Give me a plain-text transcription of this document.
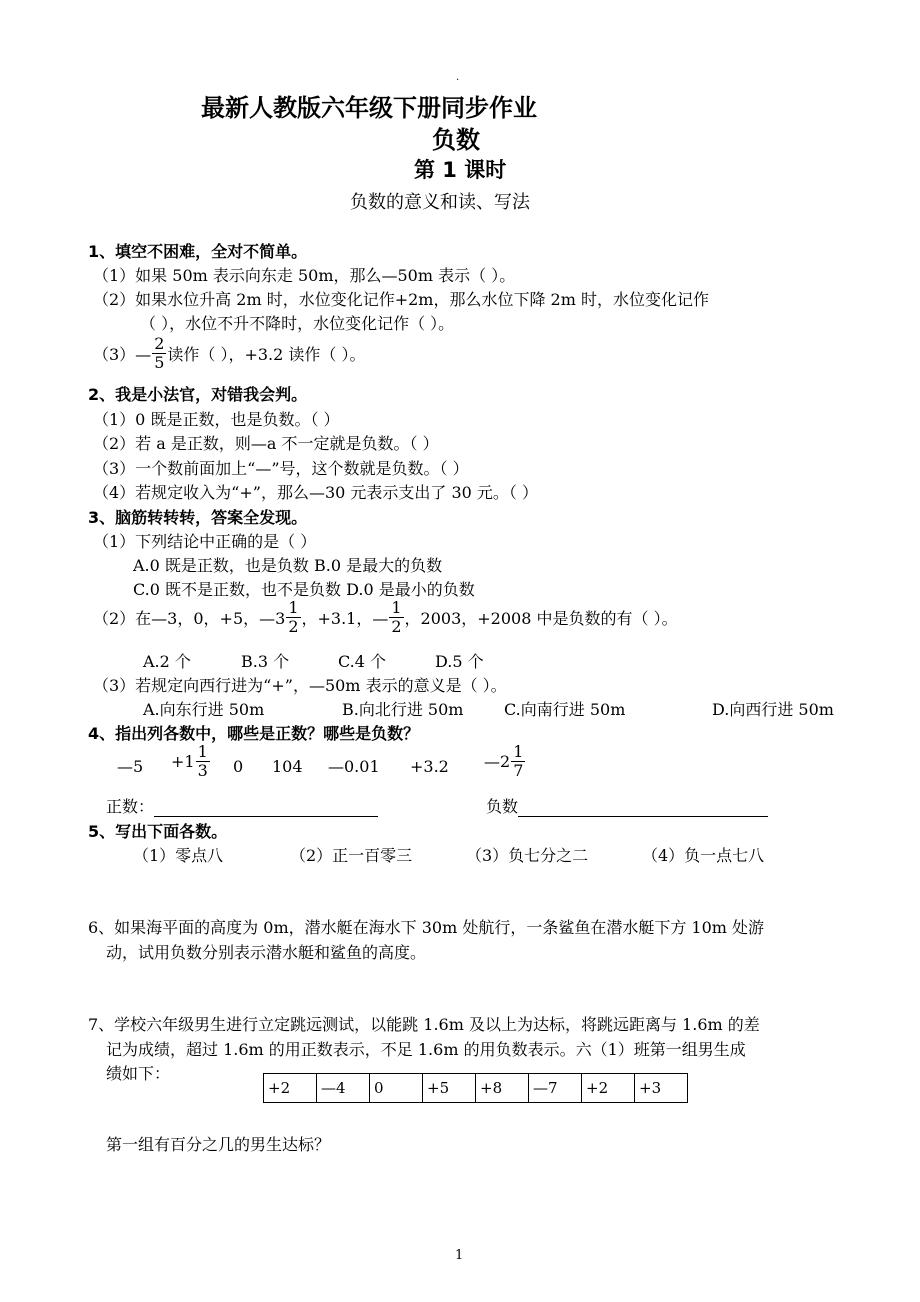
.
最新人教版六年级下册同步作业
负数
第 1 课时
负数的意义和读、写法
1、填空不困难，全对不简单。
（1）如果 50m 表示向东走 50m，那么—50m 表示（ ）。
（2）如果水位升高 2m 时，水位变化记作+2m，那么水位下降 2m 时，水位变化记作
（ ），水位不升不降时，水位变化记作（ ）。
（3）— $\frac{2}{5}$ 读作（ ），+3.2 读作（ ）。
2、我是小法官，对错我会判。
（1）0 既是正数，也是负数。（ ）
（2）若 a 是正数，则—a 不一定就是负数。（ ）
（3）一个数前面加上“—”号，这个数就是负数。（ ）
（4）若规定收入为“+”，那么—30 元表示支出了 30 元。（ ）
3、脑筋转转转，答案全发现。
（1）下列结论中正确的是（ ）
A.0 既是正数，也是负数 B.0 是最大的负数
C.0 既不是正数，也不是负数 D.0 是最小的负数
（2）在—3，0，+5，—3 $\frac{1}{2}$ ，+3.1，— $\frac{1}{2}$ ，2003，+2008 中是负数的有（ ）。
A.2 个	B.3 个	C.4 个	D.5 个
（3）若规定向西行进为“+”，—50m 表示的意义是（ ）。
A.向东行进 50m	B.向北行进 50m	C.向南行进 50m	D.向西行进 50m
4、指出列各数中，哪些是正数？哪些是负数？
—5 $+1 \frac{1}{3} 0$ 104 —0.01 +3.2 —2 $\frac{1}{7}$
正数：	负数
5、写出下面各数。
（1）零点八	（2）正一百零三	（3）负七分之二	（4）负一点七八
6、如果海平面的高度为 0m，潜水艇在海水下 30m 处航行，一条鲨鱼在潜水艇下方 10m 处游
动，试用负数分别表示潜水艇和鲨鱼的高度。
7、学校六年级男生进行立定跳远测试，以能跳 1.6m 及以上为达标，将跳远距离与 1.6m 的差
记为成绩，超过 1.6m 的用正数表示，不足 1.6m 的用负数表示。六（1）班第一组男生成
绩如下：
+2	—4	0	+5	+8	—7	+2	+3
第一组有百分之几的男生达标？
1
